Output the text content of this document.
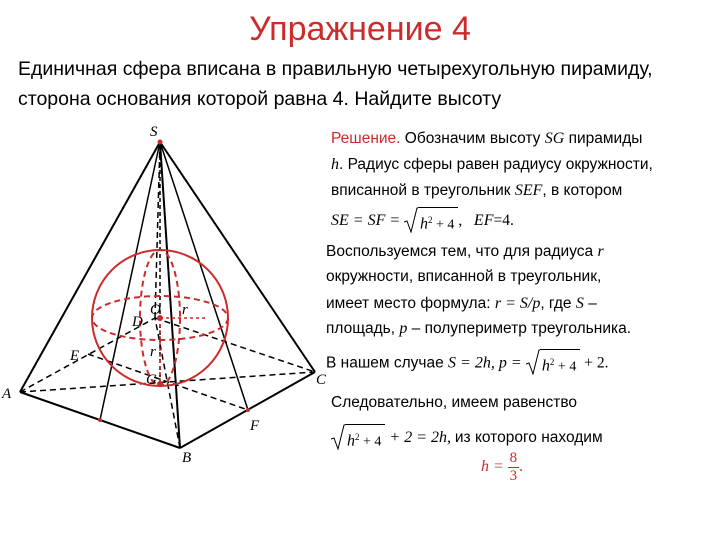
Упражнение 4
Единичная сфера вписана в правильную четырехугольную пирамиду, сторона основания которой равна 4. Найдите высоту
S
A
B
C
E
F
G
O
D
r
r
Решение. Обозначим высоту SG пирамиды
h. Радиус сферы равен радиусу окружности,
вписанной в треугольник SEF, в котором
SE = SF = $h^2 + 4$ , EF=4.
Воспользуемся тем, что для радиуса r
окружности, вписанной в треугольник,
имеет место формула: r = S/p, где S –
площадь, p – полупериметр треугольника.
В нашем случае S = 2h, $p = h^2 + 4 + 2$.
Следовательно, имеем равенство
$h^2 + 4 + 2 = 2h$, из которого находим
$h = \frac{8}{3}$ .
